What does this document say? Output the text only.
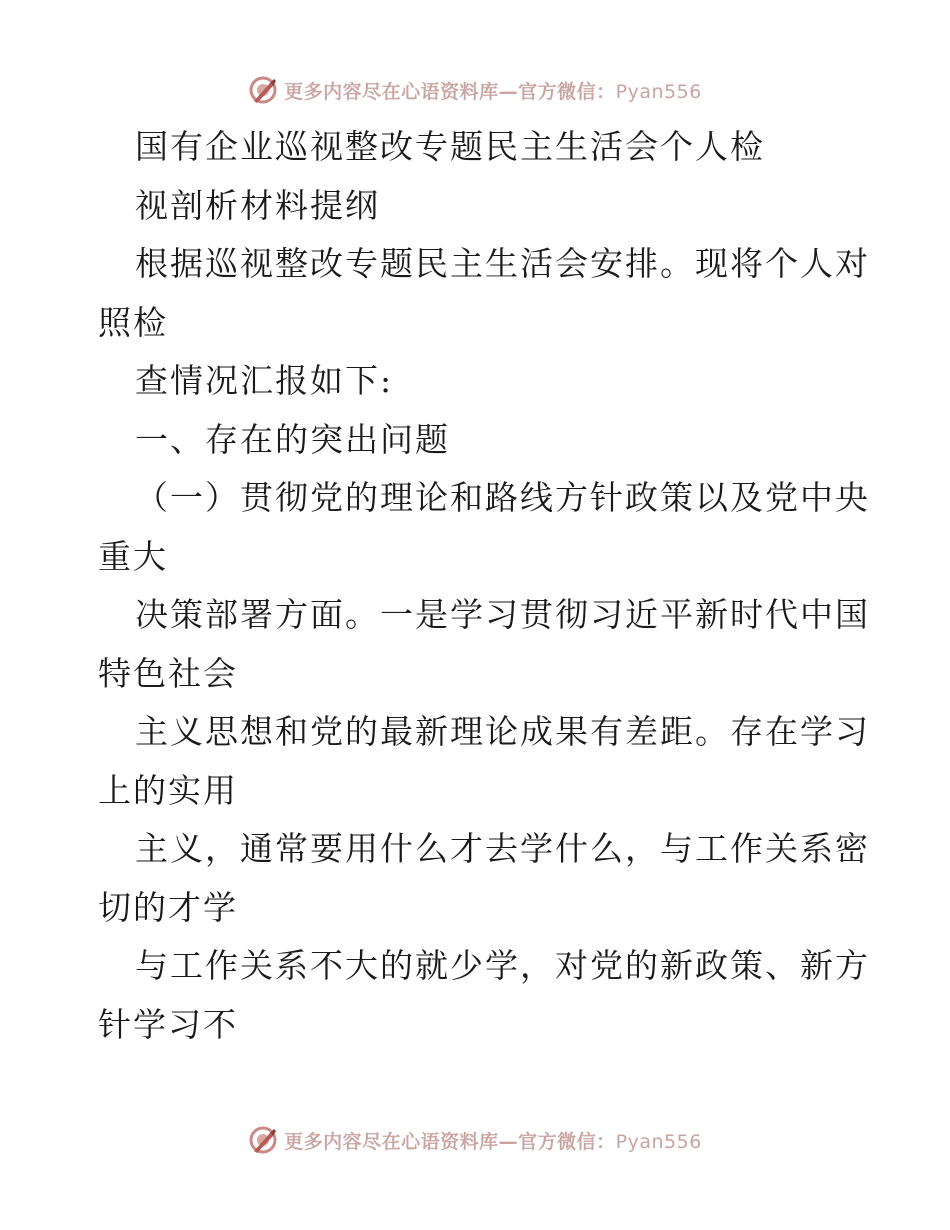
更多内容尽在心语资料库—官方微信：Pyan556
国有企业巡视整改专题民主生活会个人检
视剖析材料提纲
根据巡视整改专题民主生活会安排。现将个人对
照检
查情况汇报如下:
一、存在的突出问题
（一）贯彻党的理论和路线方针政策以及党中央
重大
决策部署方面。一是学习贯彻习近平新时代中国
特色社会
主义思想和党的最新理论成果有差距。存在学习
上的实用
主义，通常要用什么才去学什么，与工作关系密
切的才学
与工作关系不大的就少学，对党的新政策、新方
针学习不
更多内容尽在心语资料库—官方微信：Pyan556
